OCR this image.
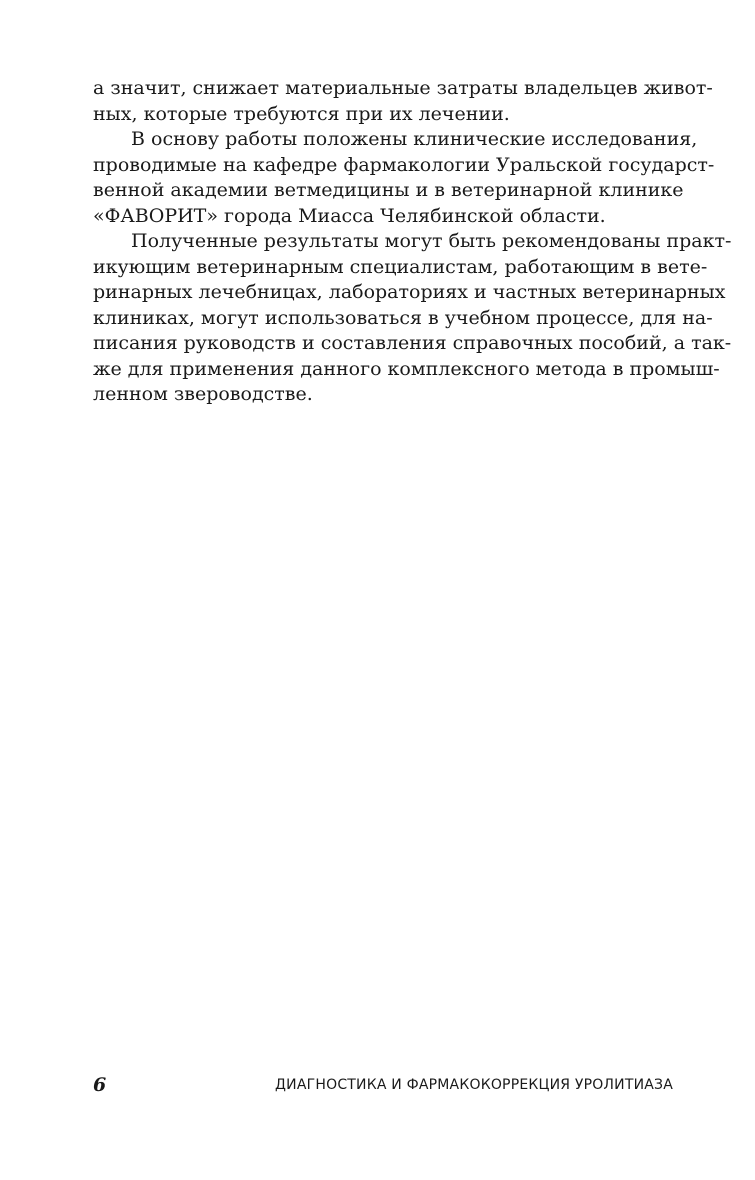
а значит, снижает материальные затраты владельцев живот-
ных, которые требуются при их лечении.
В основу работы положены клинические исследования,
проводимые на кафедре фармакологии Уральской государст-
венной академии ветмедицины и в ветеринарной клинике
«ФАВОРИТ» города Миасса Челябинской области.
Полученные результаты могут быть рекомендованы практ-
икующим ветеринарным специалистам, работающим в вете-
ринарных лечебницах, лабораториях и частных ветеринарных
клиниках, могут использоваться в учебном процессе, для на-
писания руководств и составления справочных пособий, а так-
же для применения данного комплексного метода в промыш-
ленном звероводстве.
6	ДИАГНОСТИКА И ФАРМАКОКОРРЕКЦИЯ УРОЛИТИАЗА
